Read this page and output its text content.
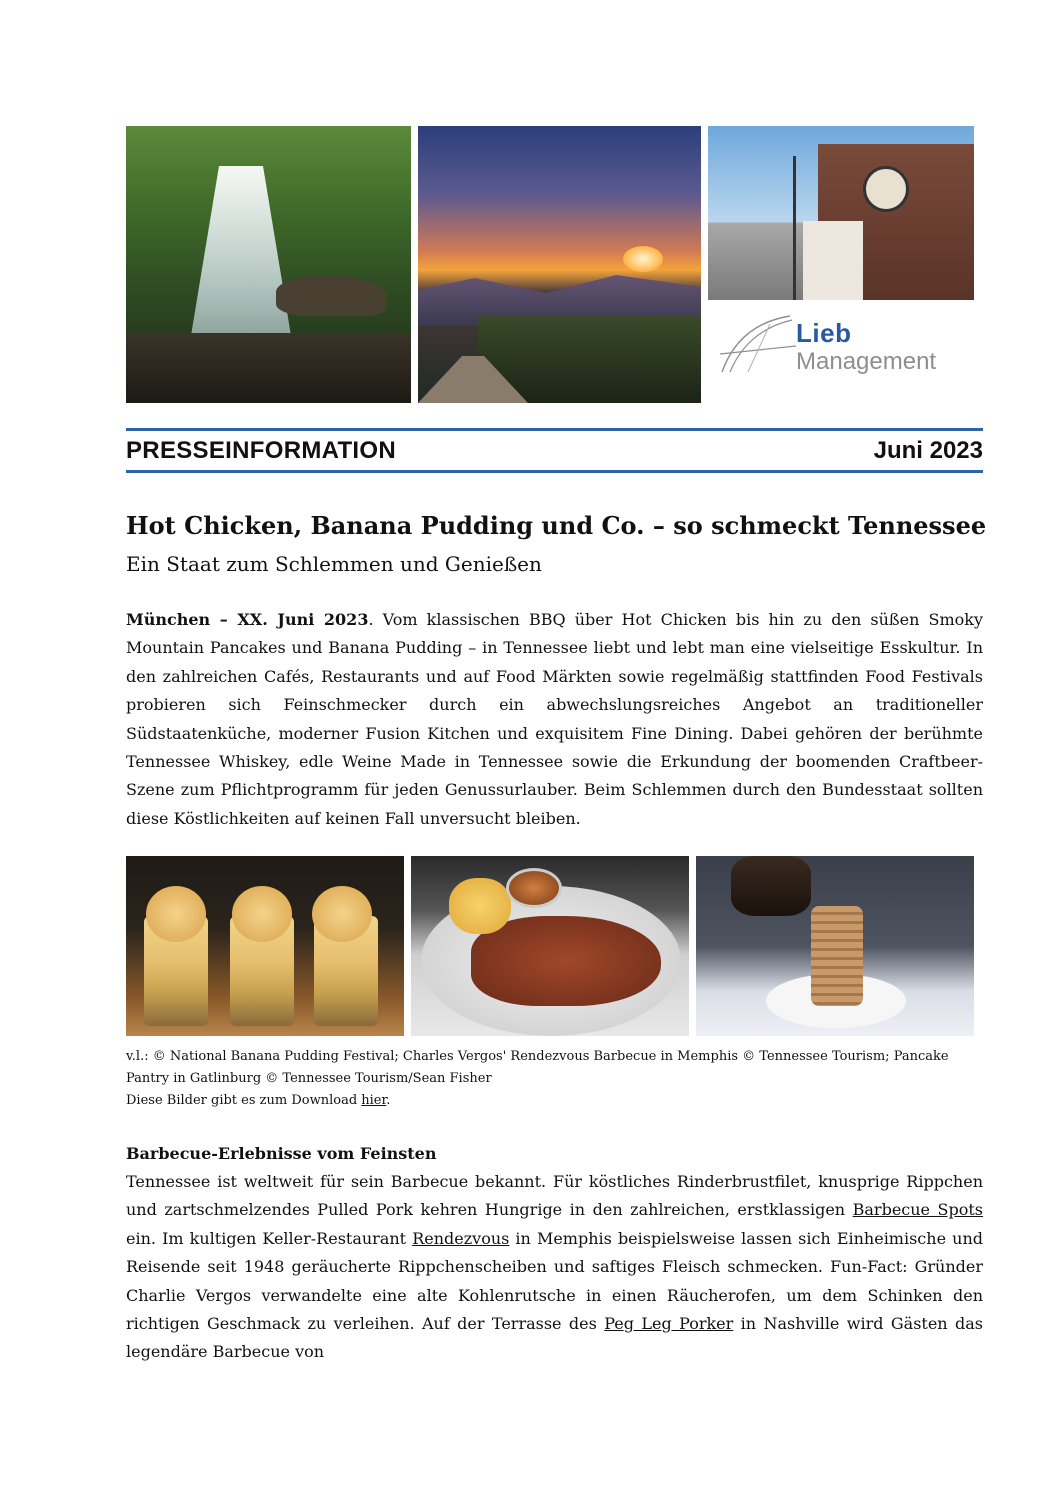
Lieb
Management
PRESSEINFORMATION	Juni 2023
Hot Chicken, Banana Pudding und Co. – so schmeckt Tennessee
Ein Staat zum Schlemmen und Genießen
München – XX. Juni 2023. Vom klassischen BBQ über Hot Chicken bis hin zu den süßen Smoky Mountain Pancakes und Banana Pudding – in Tennessee liebt und lebt man eine vielseitige Esskultur. In den zahlreichen Cafés, Restaurants und auf Food Märkten sowie regelmäßig stattfinden Food Festivals probieren sich Feinschmecker durch ein abwechslungsreiches Angebot an traditioneller Südstaatenküche, moderner Fusion Kitchen und exquisitem Fine Dining. Dabei gehören der berühmte Tennessee Whiskey, edle Weine Made in Tennessee sowie die Erkundung der boomenden Craftbeer-Szene zum Pflichtprogramm für jeden Genussurlauber. Beim Schlemmen durch den Bundesstaat sollten diese Köstlichkeiten auf keinen Fall unversucht bleiben.
v.l.: © National Banana Pudding Festival; Charles Vergos' Rendezvous Barbecue in Memphis © Tennessee Tourism; Pancake Pantry in Gatlinburg © Tennessee Tourism/Sean Fisher
Diese Bilder gibt es zum Download hier.
Barbecue-Erlebnisse vom Feinsten
Tennessee ist weltweit für sein Barbecue bekannt. Für köstliches Rinderbrustfilet, knusprige Rippchen und zartschmelzendes Pulled Pork kehren Hungrige in den zahlreichen, erstklassigen Barbecue Spots ein. Im kultigen Keller-Restaurant Rendezvous in Memphis beispielsweise lassen sich Einheimische und Reisende seit 1948 geräucherte Rippchenscheiben und saftiges Fleisch schmecken. Fun-Fact: Gründer Charlie Vergos verwandelte eine alte Kohlenrutsche in einen Räucherofen, um dem Schinken den richtigen Geschmack zu verleihen. Auf der Terrasse des Peg Leg Porker in Nashville wird Gästen das legendäre Barbecue von
